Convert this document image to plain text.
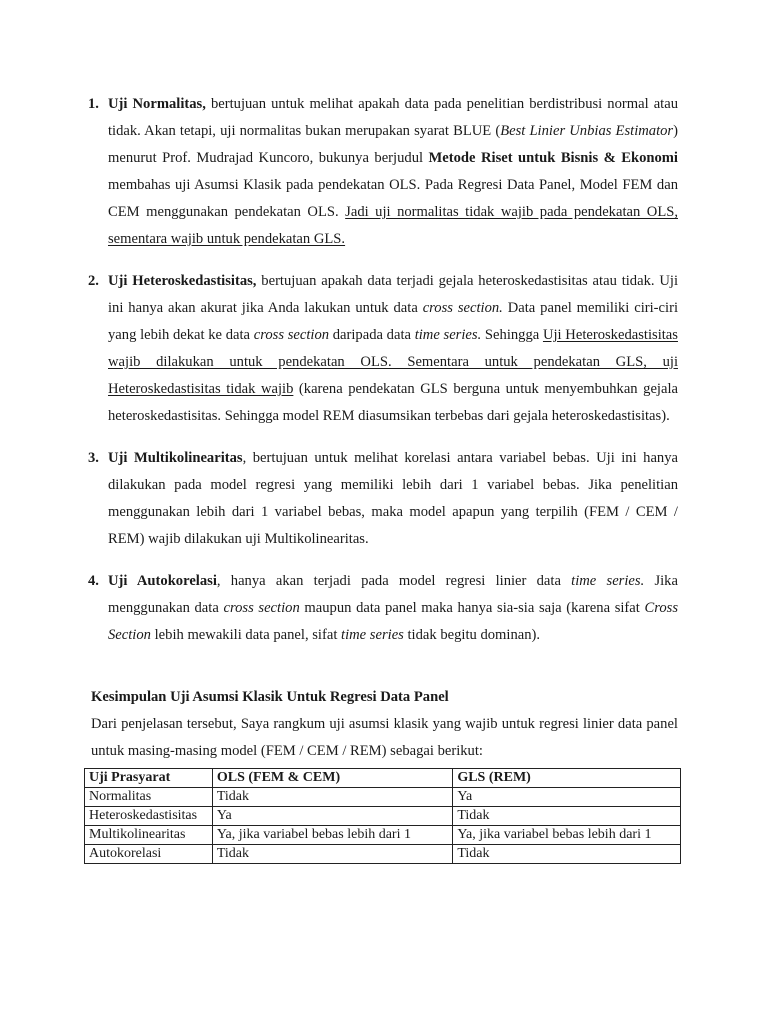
1. Uji Normalitas, bertujuan untuk melihat apakah data pada penelitian berdistribusi normal atau tidak. Akan tetapi, uji normalitas bukan merupakan syarat BLUE (Best Linier Unbias Estimator) menurut Prof. Mudrajad Kuncoro, bukunya berjudul Metode Riset untuk Bisnis & Ekonomi membahas uji Asumsi Klasik pada pendekatan OLS. Pada Regresi Data Panel, Model FEM dan CEM menggunakan pendekatan OLS. Jadi uji normalitas tidak wajib pada pendekatan OLS, sementara wajib untuk pendekatan GLS.

2. Uji Heteroskedastisitas, bertujuan apakah data terjadi gejala heteroskedastisitas atau tidak. Uji ini hanya akan akurat jika Anda lakukan untuk data cross section. Data panel memiliki ciri-ciri yang lebih dekat ke data cross section daripada data time series. Sehingga Uji Heteroskedastisitas wajib dilakukan untuk pendekatan OLS. Sementara untuk pendekatan GLS, uji Heteroskedastisitas tidak wajib (karena pendekatan GLS berguna untuk menyembuhkan gejala heteroskedastisitas. Sehingga model REM diasumsikan terbebas dari gejala heteroskedastisitas).

3. Uji Multikolinearitas, bertujuan untuk melihat korelasi antara variabel bebas. Uji ini hanya dilakukan pada model regresi yang memiliki lebih dari 1 variabel bebas. Jika penelitian menggunakan lebih dari 1 variabel bebas, maka model apapun yang terpilih (FEM / CEM / REM) wajib dilakukan uji Multikolinearitas.

4. Uji Autokorelasi, hanya akan terjadi pada model regresi linier data time series. Jika menggunakan data cross section maupun data panel maka hanya sia-sia saja (karena sifat Cross Section lebih mewakili data panel, sifat time series tidak begitu dominan).

Kesimpulan Uji Asumsi Klasik Untuk Regresi Data Panel

Dari penjelasan tersebut, Saya rangkum uji asumsi klasik yang wajib untuk regresi linier data panel untuk masing-masing model (FEM / CEM / REM) sebagai berikut:

Uji Prasyarat	OLS (FEM & CEM)	GLS (REM)
Normalitas	Tidak	Ya
Heteroskedastisitas	Ya	Tidak
Multikolinearitas	Ya, jika variabel bebas lebih dari 1	Ya, jika variabel bebas lebih dari 1
Autokorelasi	Tidak	Tidak
